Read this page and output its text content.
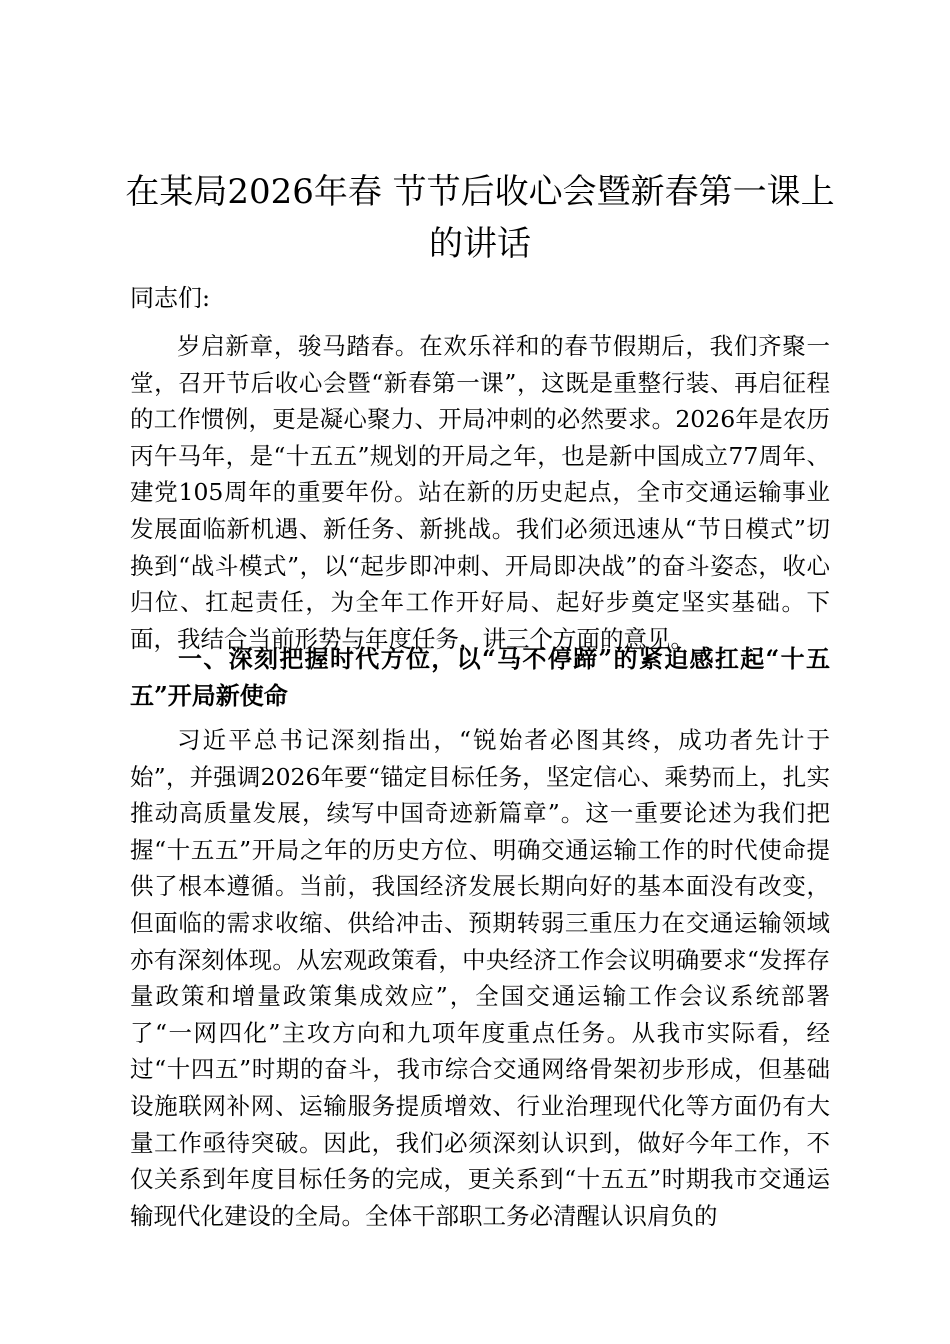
在某局2026年春 节节后收心会暨新春第一课上的讲话
同志们:
岁启新章，骏马踏春。在欢乐祥和的春节假期后，我们齐聚一堂，召开节后收心会暨“新春第一课”，这既是重整行装、再启征程的工作惯例，更是凝心聚力、开局冲刺的必然要求。2026年是农历丙午马年，是“十五五”规划的开局之年，也是新中国成立77周年、建党105周年的重要年份。站在新的历史起点，全市交通运输事业发展面临新机遇、新任务、新挑战。我们必须迅速从“节日模式”切换到“战斗模式”，以“起步即冲刺、开局即决战”的奋斗姿态，收心归位、扛起责任，为全年工作开好局、起好步奠定坚实基础。下面，我结合当前形势与年度任务，讲三个方面的意见。
一、深刻把握时代方位，以“马不停蹄”的紧迫感扛起“十五五”开局新使命
习近平总书记深刻指出，“锐始者必图其终，成功者先计于始”，并强调2026年要“锚定目标任务，坚定信心、乘势而上，扎实推动高质量发展，续写中国奇迹新篇章”。这一重要论述为我们把握“十五五”开局之年的历史方位、明确交通运输工作的时代使命提供了根本遵循。当前，我国经济发展长期向好的基本面没有改变，但面临的需求收缩、供给冲击、预期转弱三重压力在交通运输领域亦有深刻体现。从宏观政策看，中央经济工作会议明确要求“发挥存量政策和增量政策集成效应”，全国交通运输工作会议系统部署了“一网四化”主攻方向和九项年度重点任务。从我市实际看，经过“十四五”时期的奋斗，我市综合交通网络骨架初步形成，但基础设施联网补网、运输服务提质增效、行业治理现代化等方面仍有大量工作亟待突破。因此，我们必须深刻认识到，做好今年工作，不仅关系到年度目标任务的完成，更关系到“十五五”时期我市交通运输现代化建设的全局。全体干部职工务必清醒认识肩负的
